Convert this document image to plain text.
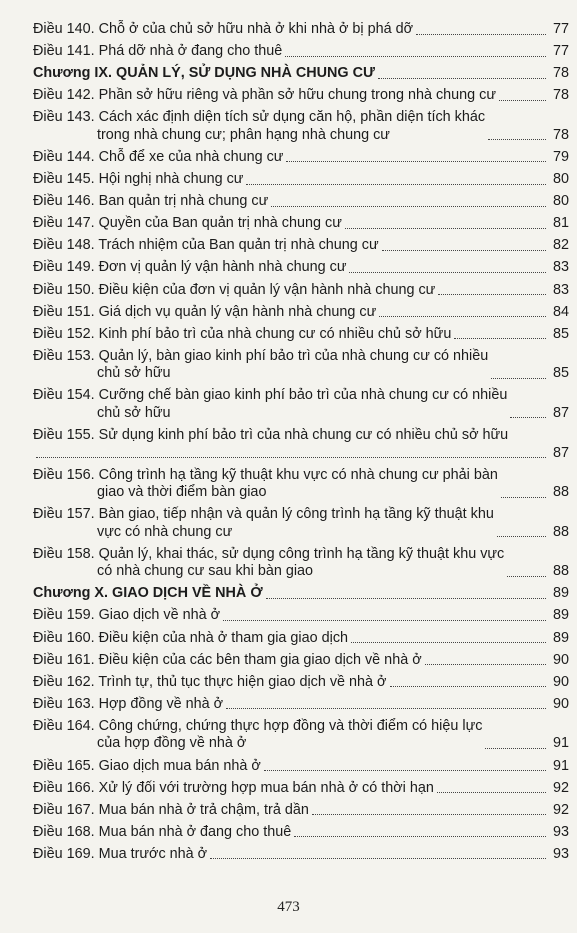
Điều 140. Chỗ ở của chủ sở hữu nhà ở khi nhà ở bị phá dỡ	77
Điều 141. Phá dỡ nhà ở đang cho thuê	77
Chương IX. QUẢN LÝ, SỬ DỤNG NHÀ CHUNG CƯ	78
Điều 142. Phần sở hữu riêng và phần sở hữu chung trong nhà chung cư	78
Điều 143. Cách xác định diện tích sử dụng căn hộ, phần diện tích khác
trong nhà chung cư; phân hạng nhà chung cư	78
Điều 144. Chỗ để xe của nhà chung cư	79
Điều 145. Hội nghị nhà chung cư	80
Điều 146. Ban quản trị nhà chung cư	80
Điều 147. Quyền của Ban quản trị nhà chung cư	81
Điều 148. Trách nhiệm của Ban quản trị nhà chung cư	82
Điều 149. Đơn vị quản lý vận hành nhà chung cư	83
Điều 150. Điều kiện của đơn vị quản lý vận hành nhà chung cư	83
Điều 151. Giá dịch vụ quản lý vận hành nhà chung cư	84
Điều 152. Kinh phí bảo trì của nhà chung cư có nhiều chủ sở hữu	85
Điều 153. Quản lý, bàn giao kinh phí bảo trì của nhà chung cư có nhiều
chủ sở hữu	85
Điều 154. Cưỡng chế bàn giao kinh phí bảo trì của nhà chung cư có nhiều
chủ sở hữu	87
Điều 155. Sử dụng kinh phí bảo trì của nhà chung cư có nhiều chủ sở hữu
87
Điều 156. Công trình hạ tầng kỹ thuật khu vực có nhà chung cư phải bàn
giao và thời điểm bàn giao	88
Điều 157. Bàn giao, tiếp nhận và quản lý công trình hạ tầng kỹ thuật khu
vực có nhà chung cư	88
Điều 158. Quản lý, khai thác, sử dụng công trình hạ tầng kỹ thuật khu vực
có nhà chung cư sau khi bàn giao	88
Chương X. GIAO DỊCH VỀ NHÀ Ở	89
Điều 159. Giao dịch về nhà ở	89
Điều 160. Điều kiện của nhà ở tham gia giao dịch	89
Điều 161. Điều kiện của các bên tham gia giao dịch về nhà ở	90
Điều 162. Trình tự, thủ tục thực hiện giao dịch về nhà ở	90
Điều 163. Hợp đồng về nhà ở	90
Điều 164. Công chứng, chứng thực hợp đồng và thời điểm có hiệu lực
của hợp đồng về nhà ở	91
Điều 165. Giao dịch mua bán nhà ở	91
Điều 166. Xử lý đối với trường hợp mua bán nhà ở có thời hạn	92
Điều 167. Mua bán nhà ở trả chậm, trả dần	92
Điều 168. Mua bán nhà ở đang cho thuê	93
Điều 169. Mua trước nhà ở	93
473
